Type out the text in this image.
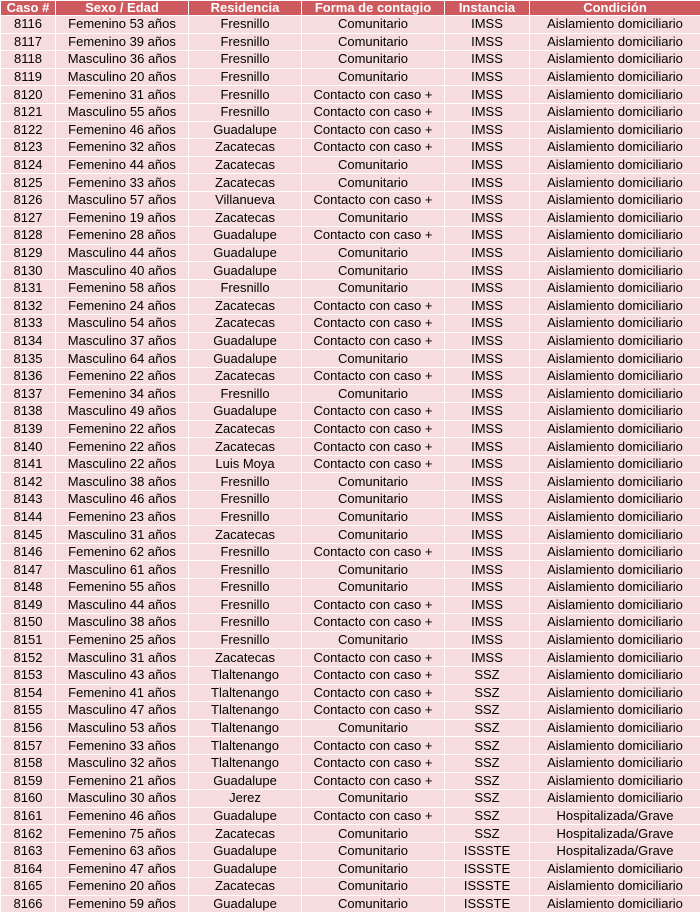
Caso #	Sexo / Edad	Residencia	Forma de contagio	Instancia	Condición
8116	Femenino 53 años	Fresnillo	Comunitario	IMSS	Aislamiento domiciliario
8117	Femenino 39 años	Fresnillo	Comunitario	IMSS	Aislamiento domiciliario
8118	Masculino 36 años	Fresnillo	Comunitario	IMSS	Aislamiento domiciliario
8119	Masculino 20 años	Fresnillo	Comunitario	IMSS	Aislamiento domiciliario
8120	Femenino 31 años	Fresnillo	Contacto con caso +	IMSS	Aislamiento domiciliario
8121	Masculino 55 años	Fresnillo	Contacto con caso +	IMSS	Aislamiento domiciliario
8122	Femenino 46 años	Guadalupe	Contacto con caso +	IMSS	Aislamiento domiciliario
8123	Femenino 32 años	Zacatecas	Contacto con caso +	IMSS	Aislamiento domiciliario
8124	Femenino 44 años	Zacatecas	Comunitario	IMSS	Aislamiento domiciliario
8125	Femenino 33 años	Zacatecas	Comunitario	IMSS	Aislamiento domiciliario
8126	Masculino 57 años	Villanueva	Contacto con caso +	IMSS	Aislamiento domiciliario
8127	Femenino 19 años	Zacatecas	Comunitario	IMSS	Aislamiento domiciliario
8128	Femenino 28 años	Guadalupe	Contacto con caso +	IMSS	Aislamiento domiciliario
8129	Masculino 44 años	Guadalupe	Comunitario	IMSS	Aislamiento domiciliario
8130	Masculino 40 años	Guadalupe	Comunitario	IMSS	Aislamiento domiciliario
8131	Femenino 58 años	Fresnillo	Comunitario	IMSS	Aislamiento domiciliario
8132	Femenino 24 años	Zacatecas	Contacto con caso +	IMSS	Aislamiento domiciliario
8133	Masculino 54 años	Zacatecas	Contacto con caso +	IMSS	Aislamiento domiciliario
8134	Masculino 37 años	Guadalupe	Contacto con caso +	IMSS	Aislamiento domiciliario
8135	Masculino 64 años	Guadalupe	Comunitario	IMSS	Aislamiento domiciliario
8136	Femenino 22 años	Zacatecas	Contacto con caso +	IMSS	Aislamiento domiciliario
8137	Femenino 34 años	Fresnillo	Comunitario	IMSS	Aislamiento domiciliario
8138	Masculino 49 años	Guadalupe	Contacto con caso +	IMSS	Aislamiento domiciliario
8139	Femenino 22 años	Zacatecas	Contacto con caso +	IMSS	Aislamiento domiciliario
8140	Femenino 22 años	Zacatecas	Contacto con caso +	IMSS	Aislamiento domiciliario
8141	Masculino 22 años	Luis Moya	Contacto con caso +	IMSS	Aislamiento domiciliario
8142	Masculino 38 años	Fresnillo	Comunitario	IMSS	Aislamiento domiciliario
8143	Masculino 46 años	Fresnillo	Comunitario	IMSS	Aislamiento domiciliario
8144	Femenino 23 años	Fresnillo	Comunitario	IMSS	Aislamiento domiciliario
8145	Masculino 31 años	Zacatecas	Comunitario	IMSS	Aislamiento domiciliario
8146	Femenino 62 años	Fresnillo	Contacto con caso +	IMSS	Aislamiento domiciliario
8147	Masculino 61 años	Fresnillo	Comunitario	IMSS	Aislamiento domiciliario
8148	Femenino 55 años	Fresnillo	Comunitario	IMSS	Aislamiento domiciliario
8149	Masculino 44 años	Fresnillo	Contacto con caso +	IMSS	Aislamiento domiciliario
8150	Masculino 38 años	Fresnillo	Contacto con caso +	IMSS	Aislamiento domiciliario
8151	Femenino 25 años	Fresnillo	Comunitario	IMSS	Aislamiento domiciliario
8152	Masculino 31 años	Zacatecas	Contacto con caso +	IMSS	Aislamiento domiciliario
8153	Masculino 43 años	Tlaltenango	Contacto con caso +	SSZ	Aislamiento domiciliario
8154	Femenino 41 años	Tlaltenango	Contacto con caso +	SSZ	Aislamiento domiciliario
8155	Masculino 47 años	Tlaltenango	Contacto con caso +	SSZ	Aislamiento domiciliario
8156	Masculino 53 años	Tlaltenango	Comunitario	SSZ	Aislamiento domiciliario
8157	Femenino 33 años	Tlaltenango	Contacto con caso +	SSZ	Aislamiento domiciliario
8158	Masculino 32 años	Tlaltenango	Contacto con caso +	SSZ	Aislamiento domiciliario
8159	Femenino 21 años	Guadalupe	Contacto con caso +	SSZ	Aislamiento domiciliario
8160	Masculino 30 años	Jerez	Comunitario	SSZ	Aislamiento domiciliario
8161	Femenino 46 años	Guadalupe	Contacto con caso +	SSZ	Hospitalizada/Grave
8162	Femenino 75 años	Zacatecas	Comunitario	SSZ	Hospitalizada/Grave
8163	Femenino 63 años	Guadalupe	Comunitario	ISSSTE	Hospitalizada/Grave
8164	Femenino 47 años	Guadalupe	Comunitario	ISSSTE	Aislamiento domiciliario
8165	Femenino 20 años	Zacatecas	Comunitario	ISSSTE	Aislamiento domiciliario
8166	Femenino 59 años	Guadalupe	Comunitario	ISSSTE	Aislamiento domiciliario
